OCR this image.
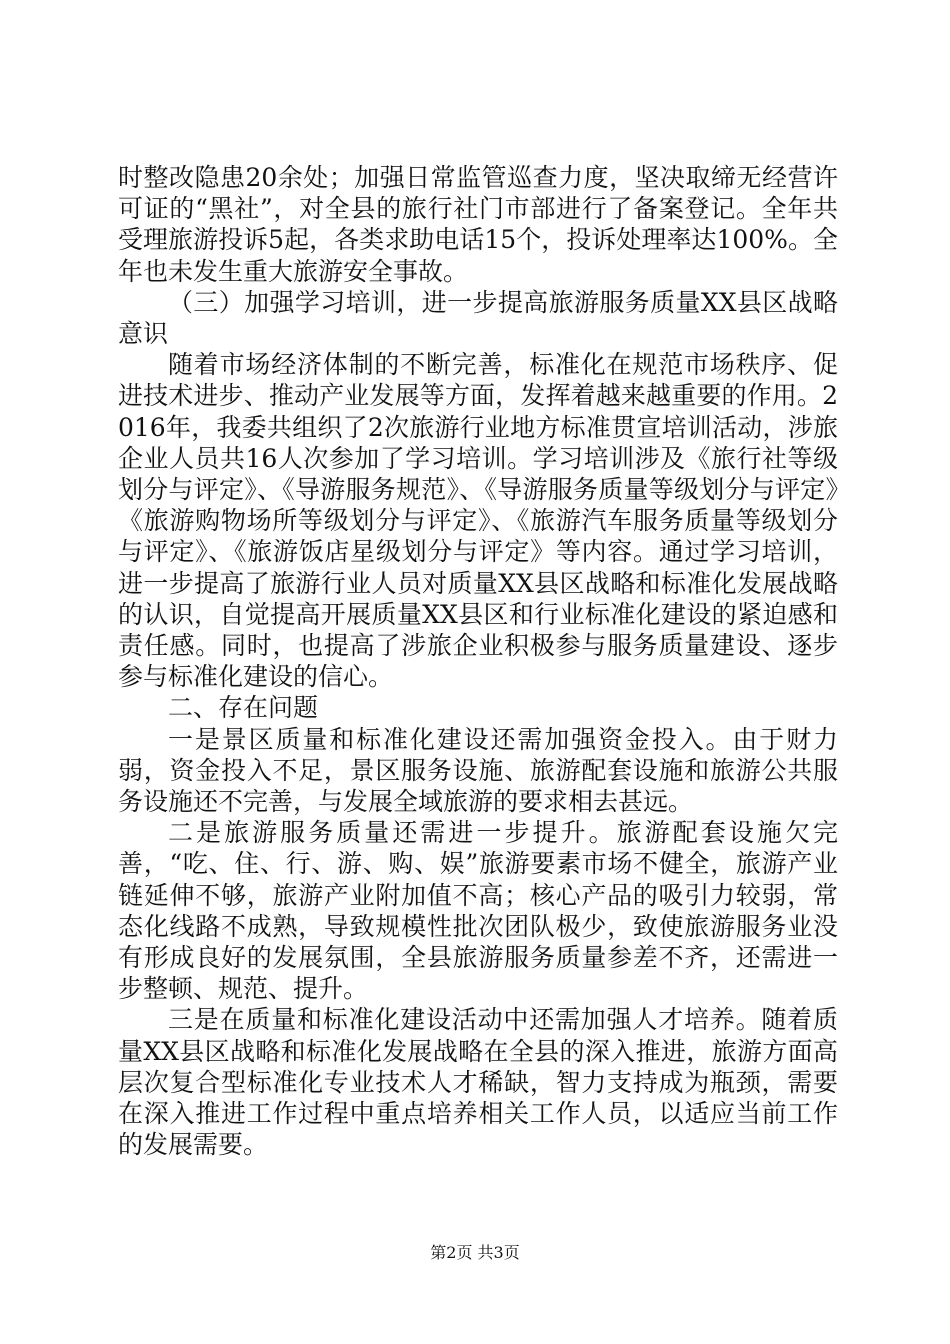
时整改隐患20余处；加强日常监管巡查力度，坚决取缔无经营许可证的“黑社”，对全县的旅行社门市部进行了备案登记。全年共受理旅游投诉5起，各类求助电话15个，投诉处理率达100%。全年也未发生重大旅游安全事故。

（三）加强学习培训，进一步提高旅游服务质量XX县区战略意识

随着市场经济体制的不断完善，标准化在规范市场秩序、促进技术进步、推动产业发展等方面，发挥着越来越重要的作用。2016年，我委共组织了2次旅游行业地方标准贯宣培训活动，涉旅企业人员共16人次参加了学习培训。学习培训涉及《旅行社等级划分与评定》、《导游服务规范》、《导游服务质量等级划分与评定》《旅游购物场所等级划分与评定》、《旅游汽车服务质量等级划分与评定》、《旅游饭店星级划分与评定》等内容。通过学习培训，进一步提高了旅游行业人员对质量XX县区战略和标准化发展战略的认识，自觉提高开展质量XX县区和行业标准化建设的紧迫感和责任感。同时，也提高了涉旅企业积极参与服务质量建设、逐步参与标准化建设的信心。

二、存在问题

一是景区质量和标准化建设还需加强资金投入。由于财力弱，资金投入不足，景区服务设施、旅游配套设施和旅游公共服务设施还不完善，与发展全域旅游的要求相去甚远。

二是旅游服务质量还需进一步提升。旅游配套设施欠完善，“吃、住、行、游、购、娱”旅游要素市场不健全，旅游产业链延伸不够，旅游产业附加值不高；核心产品的吸引力较弱，常态化线路不成熟，导致规模性批次团队极少，致使旅游服务业没有形成良好的发展氛围，全县旅游服务质量参差不齐，还需进一步整顿、规范、提升。

三是在质量和标准化建设活动中还需加强人才培养。随着质量XX县区战略和标准化发展战略在全县的深入推进，旅游方面高层次复合型标准化专业技术人才稀缺，智力支持成为瓶颈，需要在深入推进工作过程中重点培养相关工作人员，以适应当前工作的发展需要。

第2页 共3页
